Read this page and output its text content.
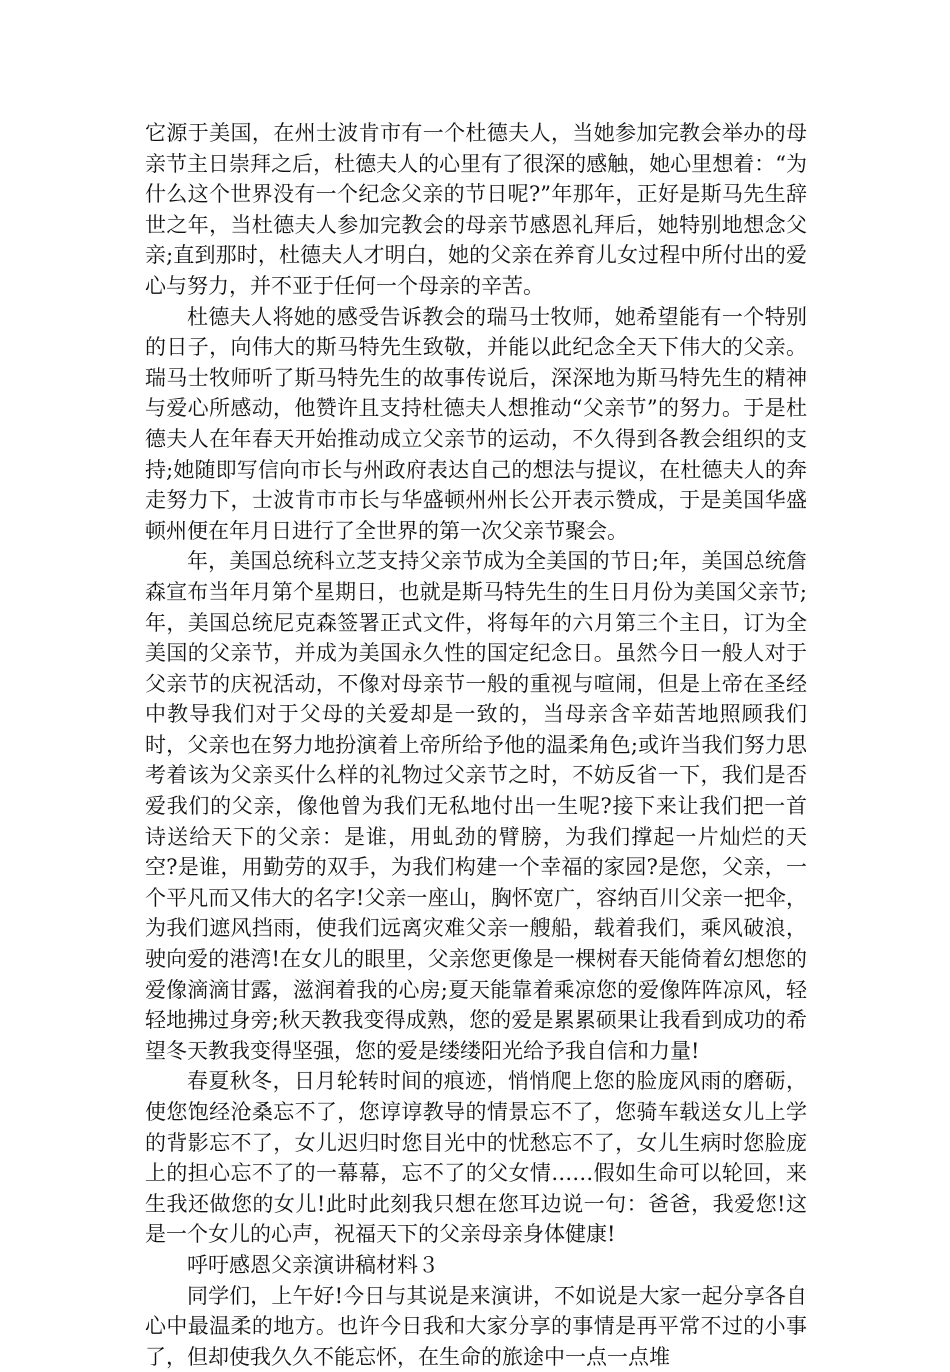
它源于美国，在州士波肯市有一个杜德夫人，当她参加完教会举办的母亲节主日崇拜之后，杜德夫人的心里有了很深的感触，她心里想着：“为什么这个世界没有一个纪念父亲的节日呢?”年那年，正好是斯马先生辞世之年，当杜德夫人参加完教会的母亲节感恩礼拜后，她特别地想念父亲;直到那时，杜德夫人才明白，她的父亲在养育儿女过程中所付出的爱心与努力，并不亚于任何一个母亲的辛苦。

杜德夫人将她的感受告诉教会的瑞马士牧师，她希望能有一个特别的日子，向伟大的斯马特先生致敬，并能以此纪念全天下伟大的父亲。瑞马士牧师听了斯马特先生的故事传说后，深深地为斯马特先生的精神与爱心所感动，他赞许且支持杜德夫人想推动“父亲节”的努力。于是杜德夫人在年春天开始推动成立父亲节的运动，不久得到各教会组织的支持;她随即写信向市长与州政府表达自己的想法与提议，在杜德夫人的奔走努力下，士波肯市市长与华盛顿州州长公开表示赞成，于是美国华盛顿州便在年月日进行了全世界的第一次父亲节聚会。

年，美国总统科立芝支持父亲节成为全美国的节日;年，美国总统詹森宣布当年月第个星期日，也就是斯马特先生的生日月份为美国父亲节;年，美国总统尼克森签署正式文件，将每年的六月第三个主日，订为全美国的父亲节，并成为美国永久性的国定纪念日。虽然今日一般人对于父亲节的庆祝活动，不像对母亲节一般的重视与喧闹，但是上帝在圣经中教导我们对于父母的关爱却是一致的，当母亲含辛茹苦地照顾我们时，父亲也在努力地扮演着上帝所给予他的温柔角色;或许当我们努力思考着该为父亲买什么样的礼物过父亲节之时，不妨反省一下，我们是否爱我们的父亲，像他曾为我们无私地付出一生呢?接下来让我们把一首诗送给天下的父亲：是谁，用虬劲的臂膀，为我们撑起一片灿烂的天空?是谁，用勤劳的双手，为我们构建一个幸福的家园?是您，父亲，一个平凡而又伟大的名字!父亲一座山，胸怀宽广，容纳百川父亲一把伞，为我们遮风挡雨，使我们远离灾难父亲一艘船，载着我们，乘风破浪，驶向爱的港湾!在女儿的眼里，父亲您更像是一棵树春天能倚着幻想您的爱像滴滴甘露，滋润着我的心房;夏天能靠着乘凉您的爱像阵阵凉风，轻轻地拂过身旁;秋天教我变得成熟，您的爱是累累硕果让我看到成功的希望冬天教我变得坚强，您的爱是缕缕阳光给予我自信和力量!

春夏秋冬，日月轮转时间的痕迹，悄悄爬上您的脸庞风雨的磨砺，使您饱经沧桑忘不了，您谆谆教导的情景忘不了，您骑车载送女儿上学的背影忘不了，女儿迟归时您目光中的忧愁忘不了，女儿生病时您脸庞上的担心忘不了的一幕幕，忘不了的父女情……假如生命可以轮回，来生我还做您的女儿!此时此刻我只想在您耳边说一句：爸爸，我爱您!这是一个女儿的心声，祝福天下的父亲母亲身体健康!

呼吁感恩父亲演讲稿材料３

同学们，上午好!今日与其说是来演讲，不如说是大家一起分享各自心中最温柔的地方。也许今日我和大家分享的事情是再平常不过的小事了，但却使我久久不能忘怀，在生命的旅途中一点一点堆
